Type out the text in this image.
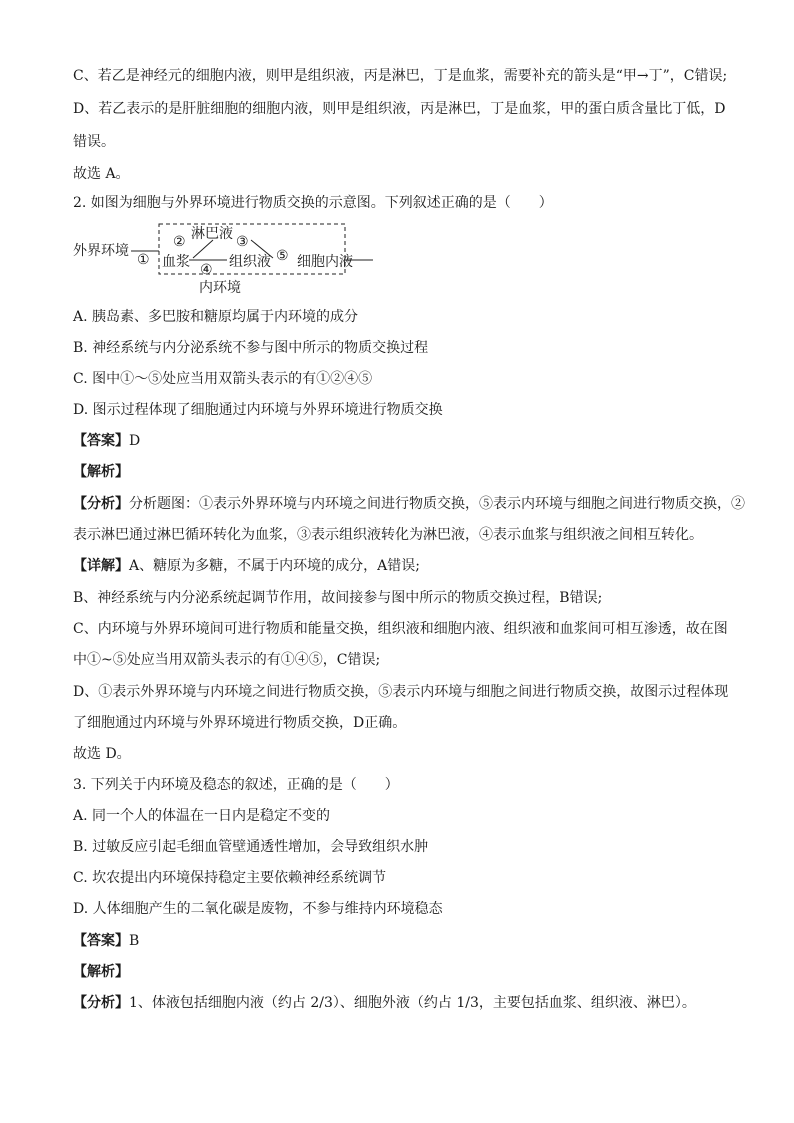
C、若乙是神经元的细胞内液，则甲是组织液，丙是淋巴，丁是血浆，需要补充的箭头是“甲→丁”，C错误;
D、若乙表示的是肝脏细胞的细胞内液，则甲是组织液，丙是淋巴，丁是血浆，甲的蛋白质含量比丁低，D
错误。
故选 A。
2. 如图为细胞与外界环境进行物质交换的示意图。下列叙述正确的是（　　）
外界环境
①
② 淋巴液 ③
血浆 ④ 组织液 ⑤ 细胞内液
内环境
A. 胰岛素、多巴胺和糖原均属于内环境的成分
B. 神经系统与内分泌系统不参与图中所示的物质交换过程
C. 图中①～⑤处应当用双箭头表示的有①②④⑤
D. 图示过程体现了细胞通过内环境与外界环境进行物质交换
【答案】D
【解析】
【分析】分析题图：①表示外界环境与内环境之间进行物质交换，⑤表示内环境与细胞之间进行物质交换，②
表示淋巴通过淋巴循环转化为血浆，③表示组织液转化为淋巴液，④表示血浆与组织液之间相互转化。
【详解】A、糖原为多糖，不属于内环境的成分，A错误;
B、神经系统与内分泌系统起调节作用，故间接参与图中所示的物质交换过程，B错误;
C、内环境与外界环境间可进行物质和能量交换，组织液和细胞内液、组织液和血浆间可相互渗透，故在图
中①~⑤处应当用双箭头表示的有①④⑤，C错误;
D、①表示外界环境与内环境之间进行物质交换，⑤表示内环境与细胞之间进行物质交换，故图示过程体现
了细胞通过内环境与外界环境进行物质交换，D正确。
故选 D。
3. 下列关于内环境及稳态的叙述，正确的是（　　）
A. 同一个人的体温在一日内是稳定不变的
B. 过敏反应引起毛细血管壁通透性增加，会导致组织水肿
C. 坎农提出内环境保持稳定主要依赖神经系统调节
D. 人体细胞产生的二氧化碳是废物，不参与维持内环境稳态
【答案】B
【解析】
【分析】1、体液包括细胞内液（约占 2/3）、细胞外液（约占 1/3，主要包括血浆、组织液、淋巴）。
